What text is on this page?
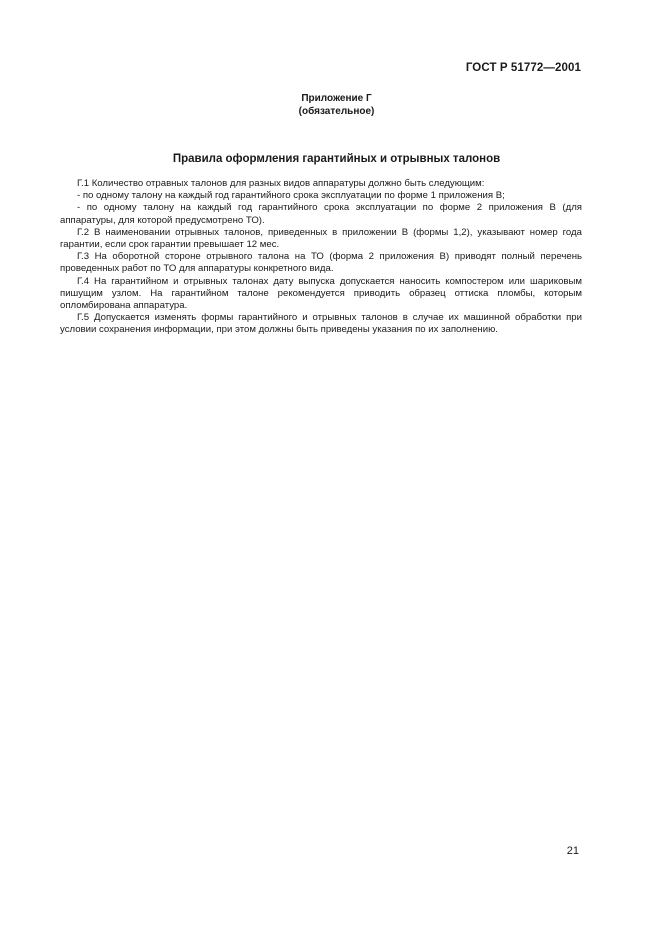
ГОСТ Р 51772—2001
Приложение Г
(обязательное)
Правила оформления гарантийных и отрывных талонов

Г.1 Количество отравных талонов для разных видов аппаратуры должно быть следующим:

- по одному талону на каждый год гарантийного срока эксплуатации по форме 1 приложения В;

- по одному талону на каждый год гарантийного срока эксплуатации по форме 2 приложения В (для аппаратуры, для которой предусмотрено ТО).

Г.2 В наименовании отрывных талонов, приведенных в приложении В (формы 1,2), указывают номер года гарантии, если срок гарантии превышает 12 мес.

Г.3 На оборотной стороне отрывного талона на ТО (форма 2 приложения В) приводят полный перечень проведенных работ по ТО для аппаратуры конкретного вида.

Г.4 На гарантийном и отрывных талонах дату выпуска допускается наносить компостером или шариковым пишущим узлом. На гарантийном талоне рекомендуется приводить образец оттиска пломбы, которым опломбирована аппаратура.

Г.5 Допускается изменять формы гарантийного и отрывных талонов в случае их машинной обработки при условии сохранения информации, при этом должны быть приведены указания по их заполнению.

21
